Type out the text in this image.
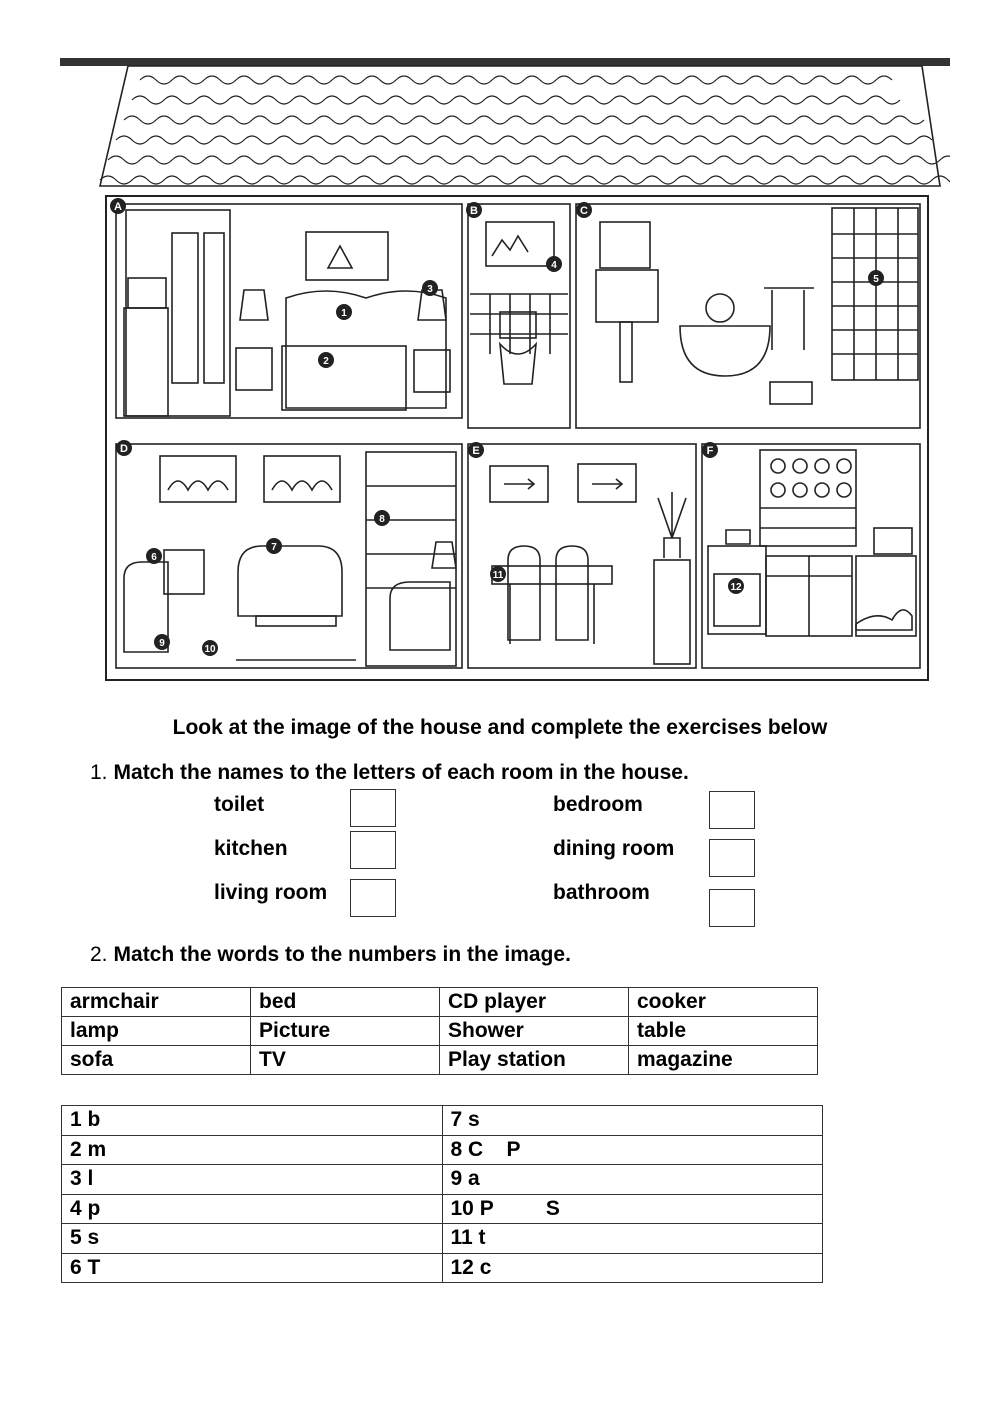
A	B	C
D	E	F
1
2
3
4
5
6
7
8
9
10
11
12
Look at the image of the house and complete the exercises below
1. Match the names to the letters of each room in the house.
toilet
kitchen
living room
bedroom
dining room
bathroom
2. Match the words to the numbers in the image.
armchair	bed	CD player	cooker
lamp	Picture	Shower	table
sofa	TV	Play station	magazine
1 b	7 s
2 m	8 C    P
3 l	9 a
4 p	10 P         S
5 s	11 t
6 T	12 c
